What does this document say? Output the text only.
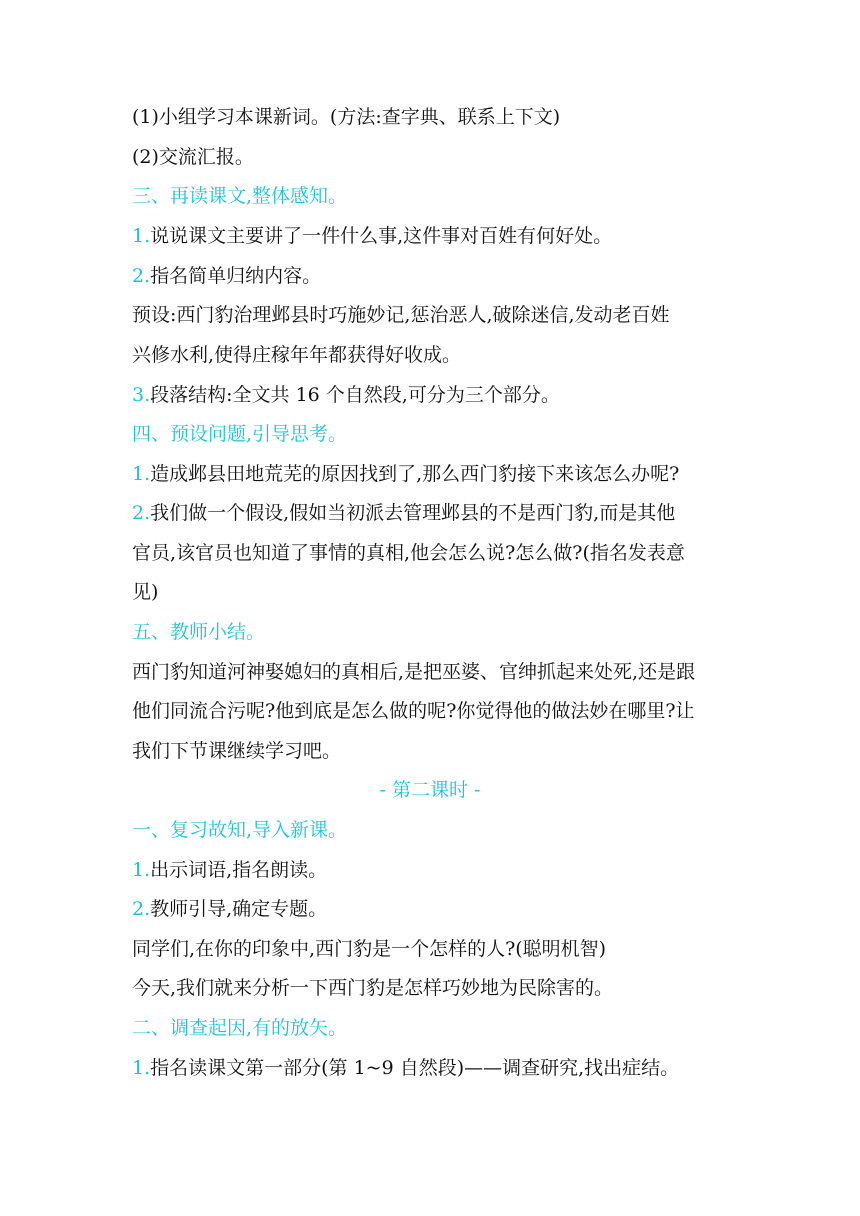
(1)小组学习本课新词。(方法:查字典、联系上下文)
(2)交流汇报。
三、再读课文,整体感知。
1.说说课文主要讲了一件什么事,这件事对百姓有何好处。
2.指名简单归纳内容。
预设:西门豹治理邺县时巧施妙记,惩治恶人,破除迷信,发动老百姓
兴修水利,使得庄稼年年都获得好收成。
3.段落结构:全文共 16 个自然段,可分为三个部分。
四、预设问题,引导思考。
1.造成邺县田地荒芜的原因找到了,那么西门豹接下来该怎么办呢?
2.我们做一个假设,假如当初派去管理邺县的不是西门豹,而是其他
官员,该官员也知道了事情的真相,他会怎么说?怎么做?(指名发表意
见)
五、教师小结。
西门豹知道河神娶媳妇的真相后,是把巫婆、官绅抓起来处死,还是跟
他们同流合污呢?他到底是怎么做的呢?你觉得他的做法妙在哪里?让
我们下节课继续学习吧。
- 第二课时 -
一、复习故知,导入新课。
1.出示词语,指名朗读。
2.教师引导,确定专题。
同学们,在你的印象中,西门豹是一个怎样的人?(聪明机智)
今天,我们就来分析一下西门豹是怎样巧妙地为民除害的。
二、调查起因,有的放矢。
1.指名读课文第一部分(第 1~9 自然段)——调查研究,找出症结。
